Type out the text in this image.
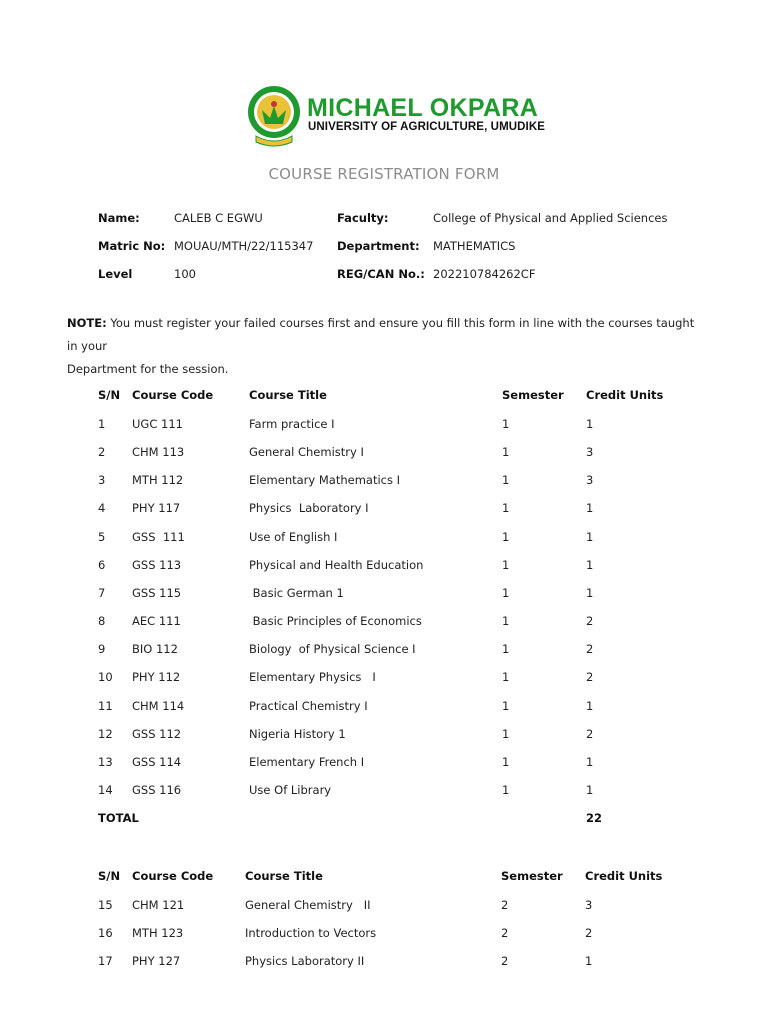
MICHAEL OKPARA
UNIVERSITY OF AGRICULTURE, UMUDIKE
COURSE REGISTRATION FORM
Name:	CALEB C EGWU
Matric No: MOUAU/MTH/22/115347
Level	100
Faculty:	College of Physical and Applied Sciences
Department: MATHEMATICS
REG/CAN No.: 202210784262CF
NOTE: You must register your failed courses first and ensure you fill this form in line with the courses taught in your
Department for the session.
S/N Course Code	Course Title	Semester Credit Units
1 UGC 111	Farm practice I	1	1
2 CHM 113	General Chemistry I	1	3
3 MTH 112	Elementary Mathematics I	1	3
4 PHY 117	Physics  Laboratory I	1	1
5 GSS  111	Use of English I	1	1
6 GSS 113	Physical and Health Education	1	1
7 GSS 115	Basic German 1	1	1
8 AEC 111	Basic Principles of Economics	1	2
9 BIO 112	Biology  of Physical Science I	1	2
10 PHY 112	Elementary Physics   I	1	2
11 CHM 114	Practical Chemistry I	1	1
12 GSS 112	Nigeria History 1	1	2
13 GSS 114	Elementary French I	1	1
14 GSS 116	Use Of Library	1	1
TOTAL	22
S/N Course Code	Course Title	Semester Credit Units
15 CHM 121	General Chemistry   II	2	3
16 MTH 123	Introduction to Vectors	2	2
17 PHY 127	Physics Laboratory II	2	1
